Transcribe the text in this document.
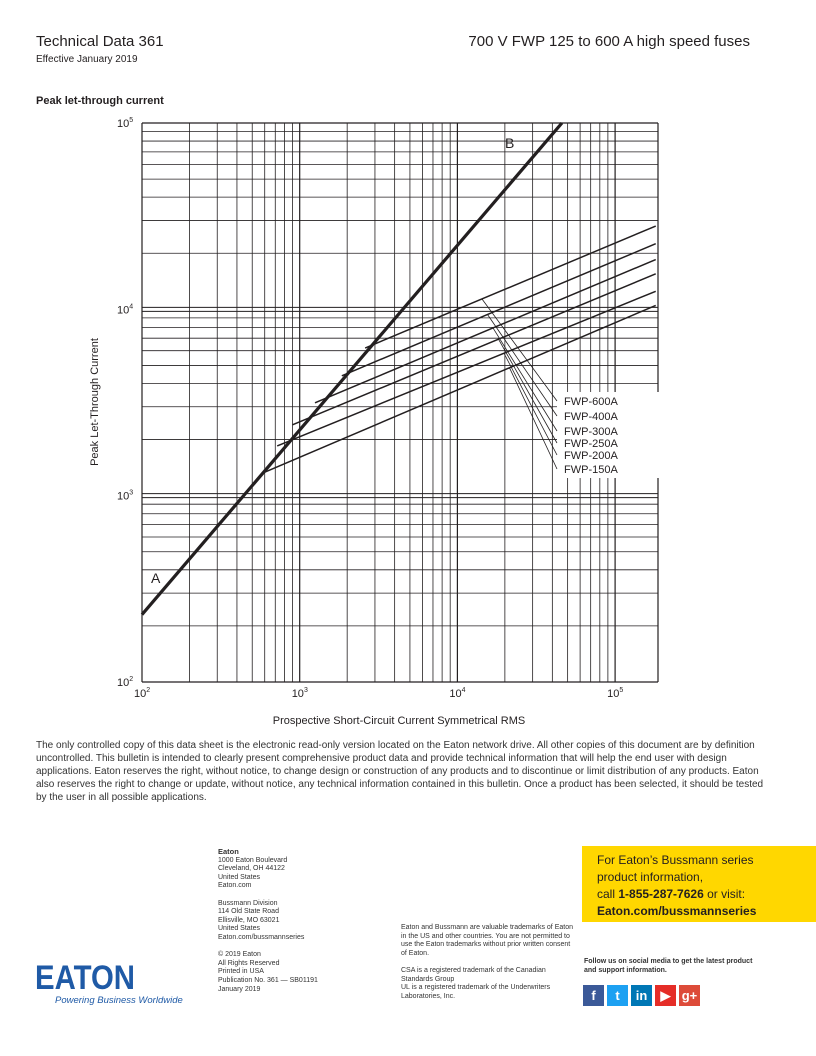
Technical Data 361
Effective January 2019
700 V FWP 125 to 600 A high speed fuses
Peak let-through current
FWP-600A
FWP-400A
FWP-300A
FWP-250A
FWP-200A
FWP-150A
A
B
$10^2$	$10^3$	$10^4$	$10^5$
$10^2$
$10^3$
$10^4$
$10^5$
Prospective Short-Circuit Current Symmetrical RMS
Peak Let-Through Current
The only controlled copy of this data sheet is the electronic read-only version located on the Eaton network drive. All other copies of this document are by definition uncontrolled. This bulletin is intended to clearly present comprehensive product data and provide technical information that will help the end user with design applications. Eaton reserves the right, without notice, to change design or construction of any products and to discontinue or limit distribution of any products. Eaton also reserves the right to change or update, without notice, any technical information contained in this bulletin. Once a product has been selected, it should be tested by the user in all possible applications.
Eaton
1000 Eaton Boulevard
Cleveland, OH 44122
United States
Eaton.com
Bussmann Division
114 Old State Road
Ellisville, MO 63021
United States
Eaton.com/bussmannseries
© 2019 Eaton
All Rights Reserved
Printed in USA
Publication No. 361 — SB01191
January 2019
Eaton and Bussmann are valuable trademarks of Eaton in the US and other countries. You are not permitted to use the Eaton trademarks without prior written consent of Eaton.
CSA is a registered trademark of the Canadian Standards Group
UL is a registered trademark of the Underwriters Laboratories, Inc.
For Eaton’s Bussmann series
product information,
call 1-855-287-7626 or visit:
Eaton.com/bussmannseries
Follow us on social media to get the latest product and support information.
f	t	in	▶ g+
EATON
Powering Business Worldwide
